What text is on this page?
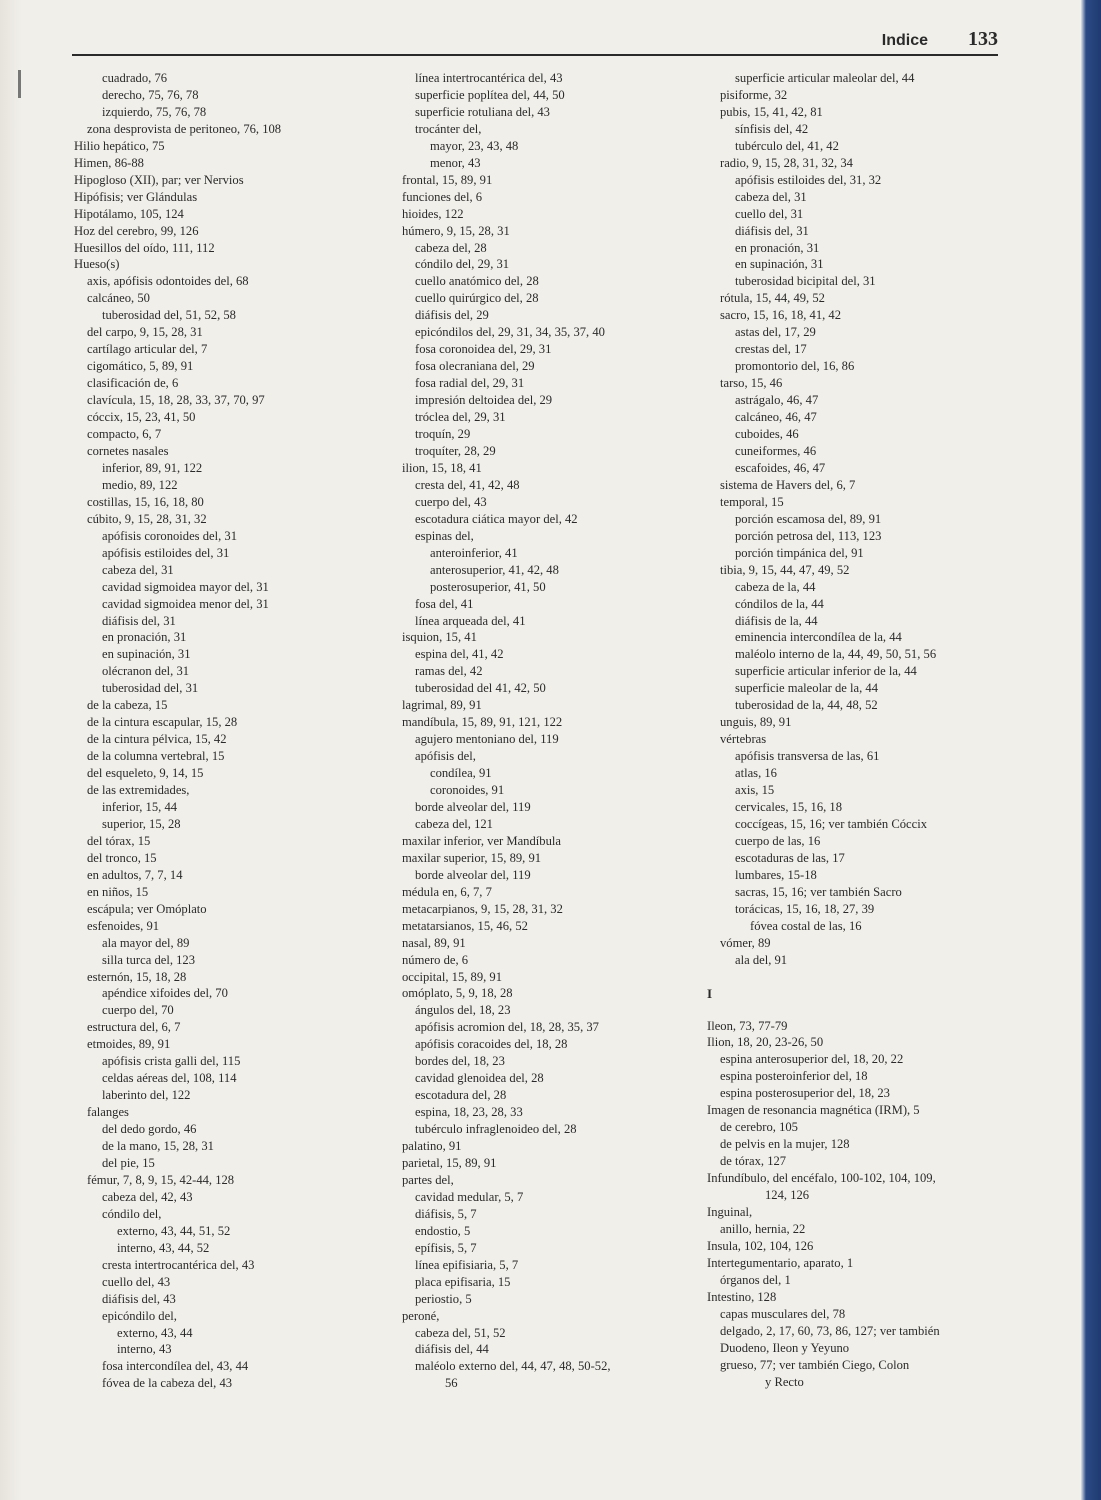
Indice 133
cuadrado, 76
derecho, 75, 76, 78
izquierdo, 75, 76, 78
zona desprovista de peritoneo, 76, 108
Hilio hepático, 75
Himen, 86-88
Hipogloso (XII), par; ver Nervios
Hipófisis; ver Glándulas
Hipotálamo, 105, 124
Hoz del cerebro, 99, 126
Huesillos del oído, 111, 112
Hueso(s)
axis, apófisis odontoides del, 68
calcáneo, 50
tuberosidad del, 51, 52, 58
del carpo, 9, 15, 28, 31
cartílago articular del, 7
cigomático, 5, 89, 91
clasificación de, 6
clavícula, 15, 18, 28, 33, 37, 70, 97
cóccix, 15, 23, 41, 50
compacto, 6, 7
cornetes nasales
inferior, 89, 91, 122
medio, 89, 122
costillas, 15, 16, 18, 80
cúbito, 9, 15, 28, 31, 32
apófisis coronoides del, 31
apófisis estiloides del, 31
cabeza del, 31
cavidad sigmoidea mayor del, 31
cavidad sigmoidea menor del, 31
diáfisis del, 31
en pronación, 31
en supinación, 31
olécranon del, 31
tuberosidad del, 31
de la cabeza, 15
de la cintura escapular, 15, 28
de la cintura pélvica, 15, 42
de la columna vertebral, 15
del esqueleto, 9, 14, 15
de las extremidades,
inferior, 15, 44
superior, 15, 28
del tórax, 15
del tronco, 15
en adultos, 7, 7, 14
en niños, 15
escápula; ver Omóplato
esfenoides, 91
ala mayor del, 89
silla turca del, 123
esternón, 15, 18, 28
apéndice xifoides del, 70
cuerpo del, 70
estructura del, 6, 7
etmoides, 89, 91
apófisis crista galli del, 115
celdas aéreas del, 108, 114
laberinto del, 122
falanges
del dedo gordo, 46
de la mano, 15, 28, 31
del pie, 15
fémur, 7, 8, 9, 15, 42-44, 128
cabeza del, 42, 43
cóndilo del,
externo, 43, 44, 51, 52
interno, 43, 44, 52
cresta intertrocantérica del, 43
cuello del, 43
diáfisis del, 43
epicóndilo del,
externo, 43, 44
interno, 43
fosa intercondílea del, 43, 44
fóvea de la cabeza del, 43
línea intertrocantérica del, 43
superficie poplítea del, 44, 50
superficie rotuliana del, 43
trocánter del,
mayor, 23, 43, 48
menor, 43
frontal, 15, 89, 91
funciones del, 6
hioides, 122
húmero, 9, 15, 28, 31
cabeza del, 28
cóndilo del, 29, 31
cuello anatómico del, 28
cuello quirúrgico del, 28
diáfisis del, 29
epicóndilos del, 29, 31, 34, 35, 37, 40
fosa coronoidea del, 29, 31
fosa olecraniana del, 29
fosa radial del, 29, 31
impresión deltoidea del, 29
tróclea del, 29, 31
troquín, 29
troquíter, 28, 29
ilion, 15, 18, 41
cresta del, 41, 42, 48
cuerpo del, 43
escotadura ciática mayor del, 42
espinas del,
anteroinferior, 41
anterosuperior, 41, 42, 48
posterosuperior, 41, 50
fosa del, 41
línea arqueada del, 41
isquion, 15, 41
espina del, 41, 42
ramas del, 42
tuberosidad del 41, 42, 50
lagrimal, 89, 91
mandíbula, 15, 89, 91, 121, 122
agujero mentoniano del, 119
apófisis del,
condílea, 91
coronoides, 91
borde alveolar del, 119
cabeza del, 121
maxilar inferior, ver Mandíbula
maxilar superior, 15, 89, 91
borde alveolar del, 119
médula en, 6, 7, 7
metacarpianos, 9, 15, 28, 31, 32
metatarsianos, 15, 46, 52
nasal, 89, 91
número de, 6
occipital, 15, 89, 91
omóplato, 5, 9, 18, 28
ángulos del, 18, 23
apófisis acromion del, 18, 28, 35, 37
apófisis coracoides del, 18, 28
bordes del, 18, 23
cavidad glenoidea del, 28
escotadura del, 28
espina, 18, 23, 28, 33
tubérculo infraglenoideo del, 28
palatino, 91
parietal, 15, 89, 91
partes del,
cavidad medular, 5, 7
diáfisis, 5, 7
endostio, 5
epífisis, 5, 7
línea epifisiaria, 5, 7
placa epifisaria, 15
periostio, 5
peroné,
cabeza del, 51, 52
diáfisis del, 44
maléolo externo del, 44, 47, 48, 50-52,
56
superficie articular maleolar del, 44
pisiforme, 32
pubis, 15, 41, 42, 81
sínfisis del, 42
tubérculo del, 41, 42
radio, 9, 15, 28, 31, 32, 34
apófisis estiloides del, 31, 32
cabeza del, 31
cuello del, 31
diáfisis del, 31
en pronación, 31
en supinación, 31
tuberosidad bicipital del, 31
rótula, 15, 44, 49, 52
sacro, 15, 16, 18, 41, 42
astas del, 17, 29
crestas del, 17
promontorio del, 16, 86
tarso, 15, 46
astrágalo, 46, 47
calcáneo, 46, 47
cuboides, 46
cuneiformes, 46
escafoides, 46, 47
sistema de Havers del, 6, 7
temporal, 15
porción escamosa del, 89, 91
porción petrosa del, 113, 123
porción timpánica del, 91
tibia, 9, 15, 44, 47, 49, 52
cabeza de la, 44
cóndilos de la, 44
diáfisis de la, 44
eminencia intercondílea de la, 44
maléolo interno de la, 44, 49, 50, 51, 56
superficie articular inferior de la, 44
superficie maleolar de la, 44
tuberosidad de la, 44, 48, 52
unguis, 89, 91
vértebras
apófisis transversa de las, 61
atlas, 16
axis, 15
cervicales, 15, 16, 18
coccígeas, 15, 16; ver también Cóccix
cuerpo de las, 16
escotaduras de las, 17
lumbares, 15-18
sacras, 15, 16; ver también Sacro
torácicas, 15, 16, 18, 27, 39
fóvea costal de las, 16
vómer, 89
ala del, 91
I
Ileon, 73, 77-79
Ilion, 18, 20, 23-26, 50
espina anterosuperior del, 18, 20, 22
espina posteroinferior del, 18
espina posterosuperior del, 18, 23
Imagen de resonancia magnética (IRM), 5
de cerebro, 105
de pelvis en la mujer, 128
de tórax, 127
Infundíbulo, del encéfalo, 100-102, 104, 109,
124, 126
Inguinal,
anillo, hernia, 22
Insula, 102, 104, 126
Intertegumentario, aparato, 1
órganos del, 1
Intestino, 128
capas musculares del, 78
delgado, 2, 17, 60, 73, 86, 127; ver también
Duodeno, Ileon y Yeyuno
grueso, 77; ver también Ciego, Colon
y Recto
